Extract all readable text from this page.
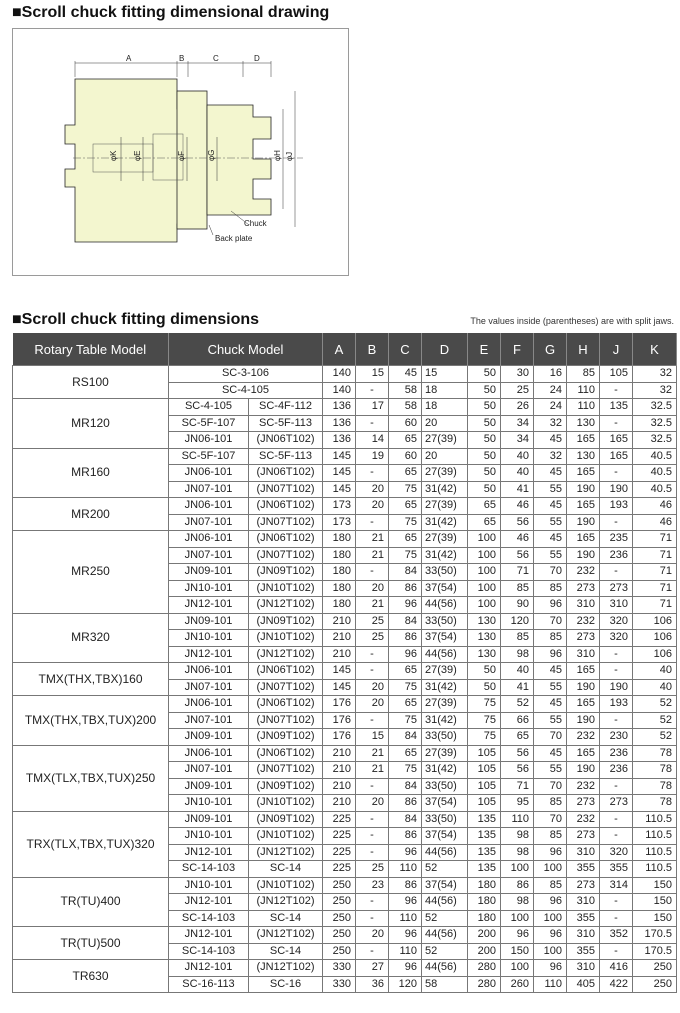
■Scroll chuck fitting dimensional drawing
A	B	C	D
φK φE	φF	φG	φH φJ
Chuck
Back plate
■Scroll chuck fitting dimensions	The values inside (parentheses) are with split jaws.
Rotary Table Model	Chuck Model		A	B	C	D	E	F	G	H	J	K
RS100	SC-3-106		140	15	45	15	50	30	16	85	105	32
	SC-4-105		140	-	58	18	50	25	24	110	-	32
MR120	SC-4-105	SC-4F-112	136	17	58	18	50	26	24	110	135	32.5
	SC-5F-107	SC-5F-113	136	-	60	20	50	34	32	130	-	32.5
	JN06-101	(JN06T102)	136	14	65	27(39)	50	34	45	165	165	32.5
MR160	SC-5F-107	SC-5F-113	145	19	60	20	50	40	32	130	165	40.5
	JN06-101	(JN06T102)	145	-	65	27(39)	50	40	45	165	-	40.5
	JN07-101	(JN07T102)	145	20	75	31(42)	50	41	55	190	190	40.5
MR200	JN06-101	(JN06T102)	173	20	65	27(39)	65	46	45	165	193	46
	JN07-101	(JN07T102)	173	-	75	31(42)	65	56	55	190	-	46
MR250	JN06-101	(JN06T102)	180	21	65	27(39)	100	46	45	165	235	71
	JN07-101	(JN07T102)	180	21	75	31(42)	100	56	55	190	236	71
	JN09-101	(JN09T102)	180	-	84	33(50)	100	71	70	232	-	71
	JN10-101	(JN10T102)	180	20	86	37(54)	100	85	85	273	273	71
	JN12-101	(JN12T102)	180	21	96	44(56)	100	90	96	310	310	71
MR320	JN09-101	(JN09T102)	210	25	84	33(50)	130	120	70	232	320	106
	JN10-101	(JN10T102)	210	25	86	37(54)	130	85	85	273	320	106
	JN12-101	(JN12T102)	210	-	96	44(56)	130	98	96	310	-	106
TMX(THX,TBX)160	JN06-101	(JN06T102)	145	-	65	27(39)	50	40	45	165	-	40
	JN07-101	(JN07T102)	145	20	75	31(42)	50	41	55	190	190	40
TMX(THX,TBX,TUX)200	JN06-101	(JN06T102)	176	20	65	27(39)	75	52	45	165	193	52
	JN07-101	(JN07T102)	176	-	75	31(42)	75	66	55	190	-	52
	JN09-101	(JN09T102)	176	15	84	33(50)	75	65	70	232	230	52
TMX(TLX,TBX,TUX)250	JN06-101	(JN06T102)	210	21	65	27(39)	105	56	45	165	236	78
	JN07-101	(JN07T102)	210	21	75	31(42)	105	56	55	190	236	78
	JN09-101	(JN09T102)	210	-	84	33(50)	105	71	70	232	-	78
	JN10-101	(JN10T102)	210	20	86	37(54)	105	95	85	273	273	78
TRX(TLX,TBX,TUX)320	JN09-101	(JN09T102)	225	-	84	33(50)	135	110	70	232	-	110.5
	JN10-101	(JN10T102)	225	-	86	37(54)	135	98	85	273	-	110.5
	JN12-101	(JN12T102)	225	-	96	44(56)	135	98	96	310	320	110.5
	SC-14-103	SC-14	225	25	110	52	135	100	100	355	355	110.5
TR(TU)400	JN10-101	(JN10T102)	250	23	86	37(54)	180	86	85	273	314	150
	JN12-101	(JN12T102)	250	-	96	44(56)	180	98	96	310	-	150
	SC-14-103	SC-14	250	-	110	52	180	100	100	355	-	150
TR(TU)500	JN12-101	(JN12T102)	250	20	96	44(56)	200	96	96	310	352	170.5
	SC-14-103	SC-14	250	-	110	52	200	150	100	355	-	170.5
TR630	JN12-101	(JN12T102)	330	27	96	44(56)	280	100	96	310	416	250
	SC-16-113	SC-16	330	36	120	58	280	260	110	405	422	250
